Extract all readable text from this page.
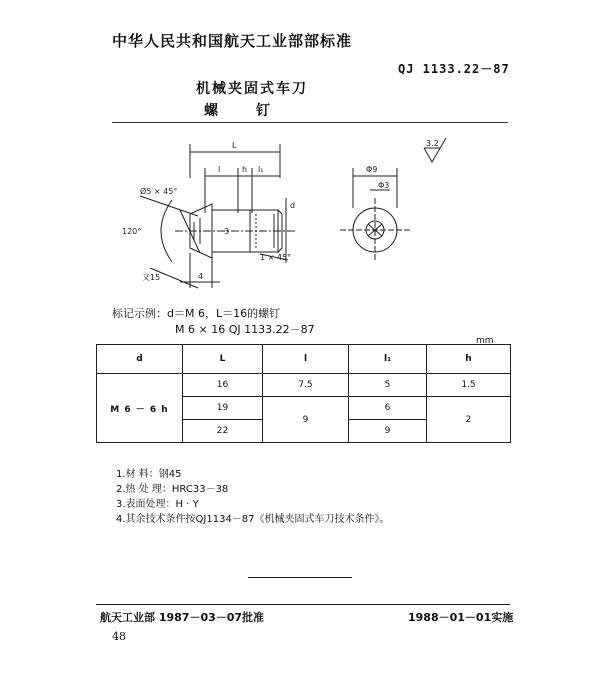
中华人民共和国航天工业部部标准
QJ 1133.22－87
机械夹固式车刀
螺	钉
L
l	h l₁
Ø5 × 45°
120°
4
d
3
1 × 45°
又15
Φ9
Φ3
3.2
标记示例：d＝M 6，L＝16的螺钉
M 6 × 16 QJ 1133.22－87
mm
d	L	l	l₁	h
M 6 － 6 h	16	7.5	5	1.5
	19	9	6	2
	22		9	
1.材 料：钢45
2.热 处 理：HRC33－38
3.表面处理：H · Y
4.其余技术条件按QJ1134－87《机械夹固式车刀技术条件》。
航天工业部 1987－03－07批准	1988－01－01实施
48
